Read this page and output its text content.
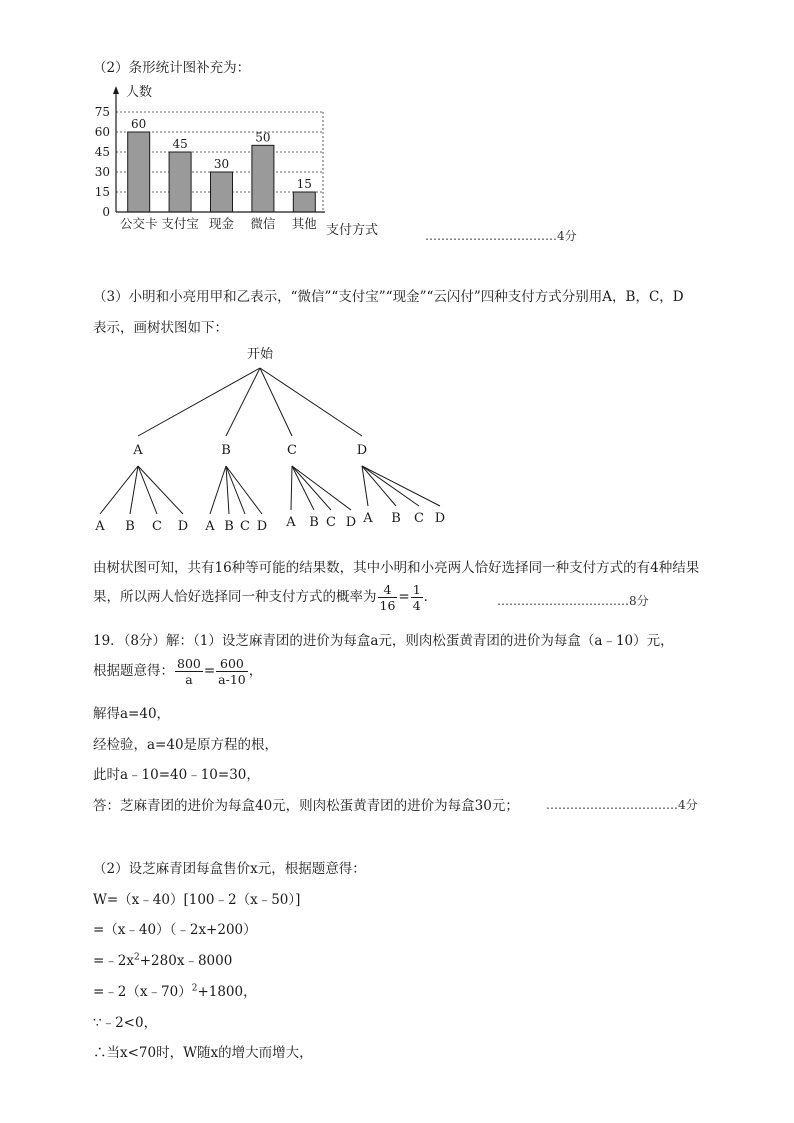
（2）条形统计图补充为：
0
15
30
45
60
75
60
公交卡
45
支付宝
30
现金
50
微信
15
其他
人数
支付方式	……………………………4分
（3）小明和小亮用甲和乙表示，“微信”“支付宝”“现金”“云闪付”四种支付方式分别用A，B，C，D
表示，画树状图如下：
开始
A
A B C D
B
A B C D
C
A B C D
D
A B C D
由树状图可知，共有16种等可能的结果数，其中小明和小亮两人恰好选择同一种支付方式的有4种结果
果，所以两人恰好选择同一种支付方式的概率为 $\frac{4}{16} = \frac{1}{4}$ ．	……………………………8分
19．（8分）解：（1）设芝麻青团的进价为每盒a元，则肉松蛋黄青团的进价为每盒（a﹣10）元，
根据题意得： $\frac{800}{a} = \frac{600}{a-10}$ ，
解得a=40，
经检验，a=40是原方程的根，
此时a﹣10=40﹣10=30，
答：芝麻青团的进价为每盒40元，则肉松蛋黄青团的进价为每盒30元； ……………………………4分
（2）设芝麻青团每盒售价x元，根据题意得：
W=（x﹣40）[100﹣2（x﹣50）]
=（x﹣40）（﹣2x+200）
$=﹣2x^2+280x﹣8000$
=﹣2（x﹣70）$^2$+1800，
∵﹣2<0，
∴当x<70时，W随x的增大而增大，
